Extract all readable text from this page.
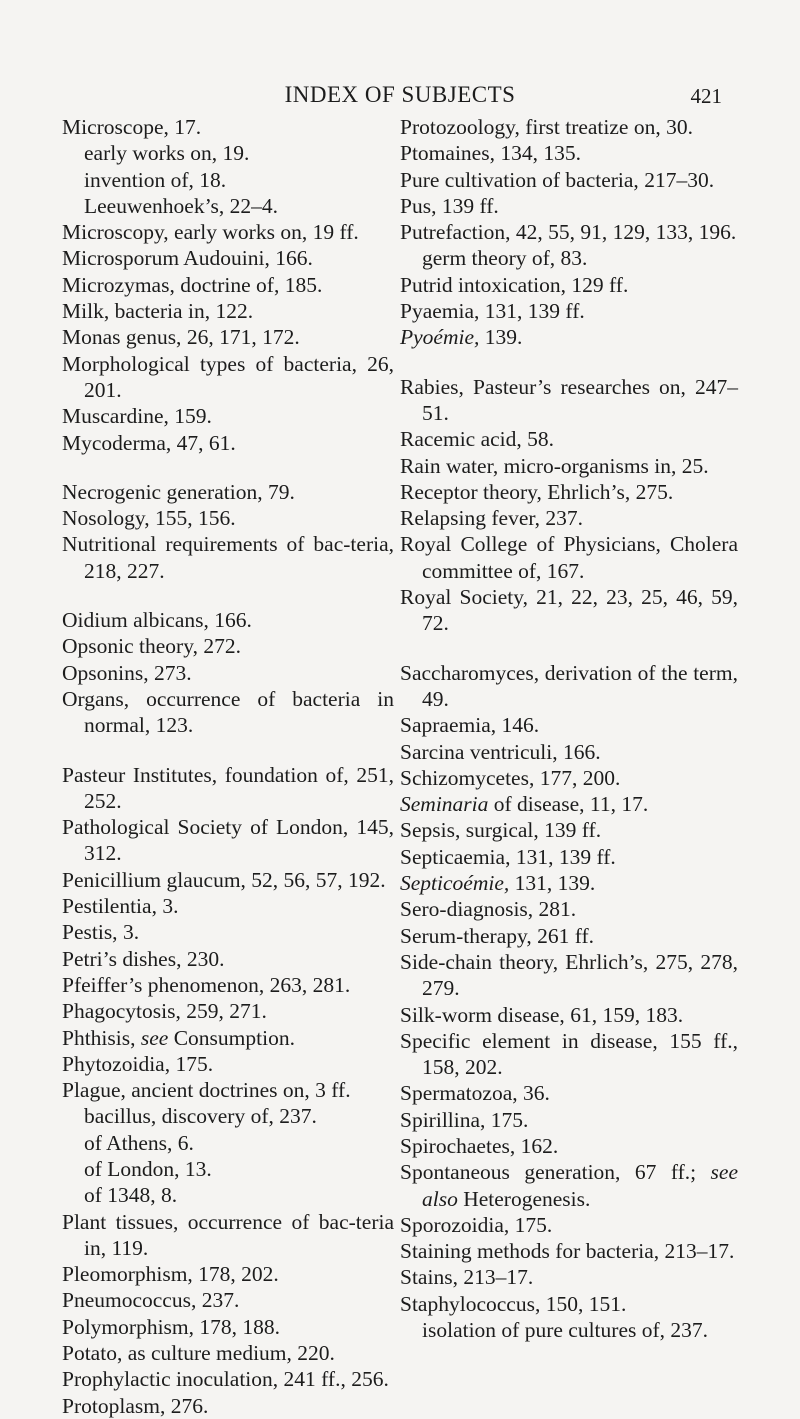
INDEX OF SUBJECTS	421
Microscope, 17.
early works on, 19.
invention of, 18.
Leeuwenhoek’s, 22–4.
Microscopy, early works on, 19 ff.
Microsporum Audouini, 166.
Microzymas, doctrine of, 185.
Milk, bacteria in, 122.
Monas genus, 26, 171, 172.
Morphological types of bacteria, 26, 201.
Muscardine, 159.
Mycoderma, 47, 61.
Necrogenic generation, 79.
Nosology, 155, 156.
Nutritional requirements of bac-teria, 218, 227.
Oidium albicans, 166.
Opsonic theory, 272.
Opsonins, 273.
Organs, occurrence of bacteria in normal, 123.
Pasteur Institutes, foundation of, 251, 252.
Pathological Society of London, 145, 312.
Penicillium glaucum, 52, 56, 57, 192.
Pestilentia, 3.
Pestis, 3.
Petri’s dishes, 230.
Pfeiffer’s phenomenon, 263, 281.
Phagocytosis, 259, 271.
Phthisis, see Consumption.
Phytozoidia, 175.
Plague, ancient doctrines on, 3 ff.
bacillus, discovery of, 237.
of Athens, 6.
of London, 13.
of 1348, 8.
Plant tissues, occurrence of bac-teria in, 119.
Pleomorphism, 178, 202.
Pneumococcus, 237.
Polymorphism, 178, 188.
Potato, as culture medium, 220.
Prophylactic inoculation, 241 ff., 256.
Protoplasm, 276.
Protozoology, first treatize on, 30.
Ptomaines, 134, 135.
Pure cultivation of bacteria, 217–30.
Pus, 139 ff.
Putrefaction, 42, 55, 91, 129, 133, 196.
germ theory of, 83.
Putrid intoxication, 129 ff.
Pyaemia, 131, 139 ff.
Pyoémie, 139.
Rabies, Pasteur’s researches on, 247–51.
Racemic acid, 58.
Rain water, micro-organisms in, 25.
Receptor theory, Ehrlich’s, 275.
Relapsing fever, 237.
Royal College of Physicians, Cholera committee of, 167.
Royal Society, 21, 22, 23, 25, 46, 59, 72.
Saccharomyces, derivation of the term, 49.
Sapraemia, 146.
Sarcina ventriculi, 166.
Schizomycetes, 177, 200.
Seminaria of disease, 11, 17.
Sepsis, surgical, 139 ff.
Septicaemia, 131, 139 ff.
Septicoémie, 131, 139.
Sero-diagnosis, 281.
Serum-therapy, 261 ff.
Side-chain theory, Ehrlich’s, 275, 278, 279.
Silk-worm disease, 61, 159, 183.
Specific element in disease, 155 ff., 158, 202.
Spermatozoa, 36.
Spirillina, 175.
Spirochaetes, 162.
Spontaneous generation, 67 ff.; see also Heterogenesis.
Sporozoidia, 175.
Staining methods for bacteria, 213–17.
Stains, 213–17.
Staphylococcus, 150, 151.
isolation of pure cultures of, 237.
